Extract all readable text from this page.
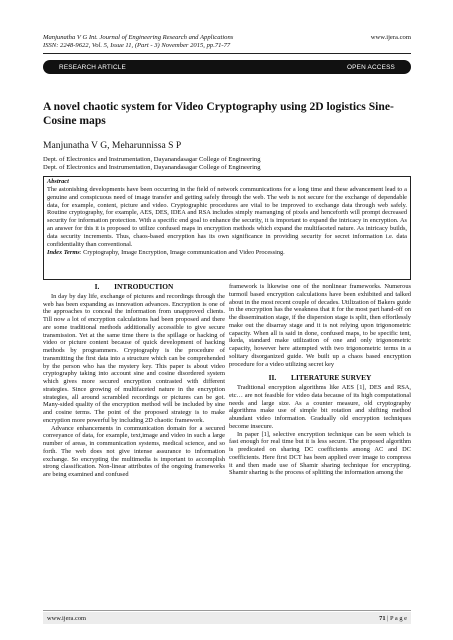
Manjunatha V G Int. Journal of Engineering Research and Applications	www.ijera.com
ISSN: 2248-9622, Vol. 5, Issue 11, (Part - 3) November 2015, pp.71-77
RESEARCH ARTICLE	OPEN ACCESS
A novel chaotic system for Video Cryptography using 2D logistics Sine-Cosine maps
Manjunatha V G, Meharunnissa S P
Dept. of Electronics and Instrumentation, Dayanandasagar College of Engineering
Dept. of Electronics and Instrumentation, Dayanandasagar College of Engineering
Abstract
The astonishing developments have been occurring in the field of network communications for a long time and these advancement lead to a genuine and conspicuous need of image transfer and getting safely through the web. The web is not secure for the exchange of dependable data, for example, content, picture and video. Cryptographic procedures are vital to be improved to exchange data through web safely. Routine cryptography, for example, AES, DES, IDEA and RSA includes simply rearranging of pixels and henceforth will prompt decreased security for information protection. With a specific end goal to enhance the security, it is important to expand the intricacy in encryption. As an answer for this it is proposed to utilize confused maps in encryption methods which expand the multifaceted nature. As intricacy builds, data security increments. Thus, chaos-based encryption has its own significance in providing security for secret information i.e. data confidentiality than conventional.
Index Terms: Cryptography, Image Encryption, Image communication and Video Processing.
I.  INTRODUCTION

In day by day life, exchange of pictures and recordings through the web has been expanding as innovation advances. Encryption is one of the approaches to conceal the information from unapproved clients. Till now a lot of encryption calculations had been proposed and there are some traditional methods additionally accessible to give secure transmission. Yet at the same time there is the spillage or hacking of video or picture content because of quick development of hacking methods by programmers. Cryptography is the procedure of transmitting the first data into a structure which can be comprehended by the person who has the mystery key. This paper is about video cryptography taking into account sine and cosine disordered system which gives more secured encryption contrasted with different strategies. Since growing of multifaceted nature in the encryption strategies, all around scrambled recordings or pictures can be got. Many-sided quality of the encryption method will be included by sine and cosine terms. The point of the proposed strategy is to make encryption more powerful by including 2D chaotic framework.

Advance enhancements in communication domain for a secured conveyance of data, for example, text,image and video in such a large number of areas, in communication systems, medical science, and so forth. The web does not give intense assurance to information exchange. So encrypting the multimedia is important to accomplish strong classification. Non-linear attributes of the ongoing frameworks are being examined and confused

framework is likewise one of the nonlinear frameworks. Numerous turmoil based encryption calculations have been exhibited and talked about in the most recent couple of decades. Utilization of Bakers guide in the encryption has the weakness that it for the most part hand-off on the dissemination stage, if the dispersion stage is split, then effortlessly make out the disarray stage and it is not relying upon trigonometric capacity. When all is said in done, confused maps, to be specific tent, ikeda, standard make utilization of one and only trigonometric capacity, however here attempted with two trigonometric terms in a solitary disorganized guide. We built up a chaos based encryption procedure for a video utilizing secret key

II.  LITERATURE SURVEY

Traditional encryption algorithms like AES [1], DES and RSA, etc… are not feasible for video data because of its high computational needs and large size. As a counter measure, old cryptography algorithms make use of simple bit rotation and shifting method abundant video information. Gradually old encryption techniques become insecure.

In paper [1], selective encryption technique can be seen which is fast enough for real time but it is less secure. The proposed algorithm is predicated on sharing DC coefficients among AC and DC coefficients. Here first DCT has been applied over image to compress it and then made use of Shamir sharing technique for encrypting. Shamir sharing is the process of splitting the information among the

www.ijera.com	71 | P a g e
